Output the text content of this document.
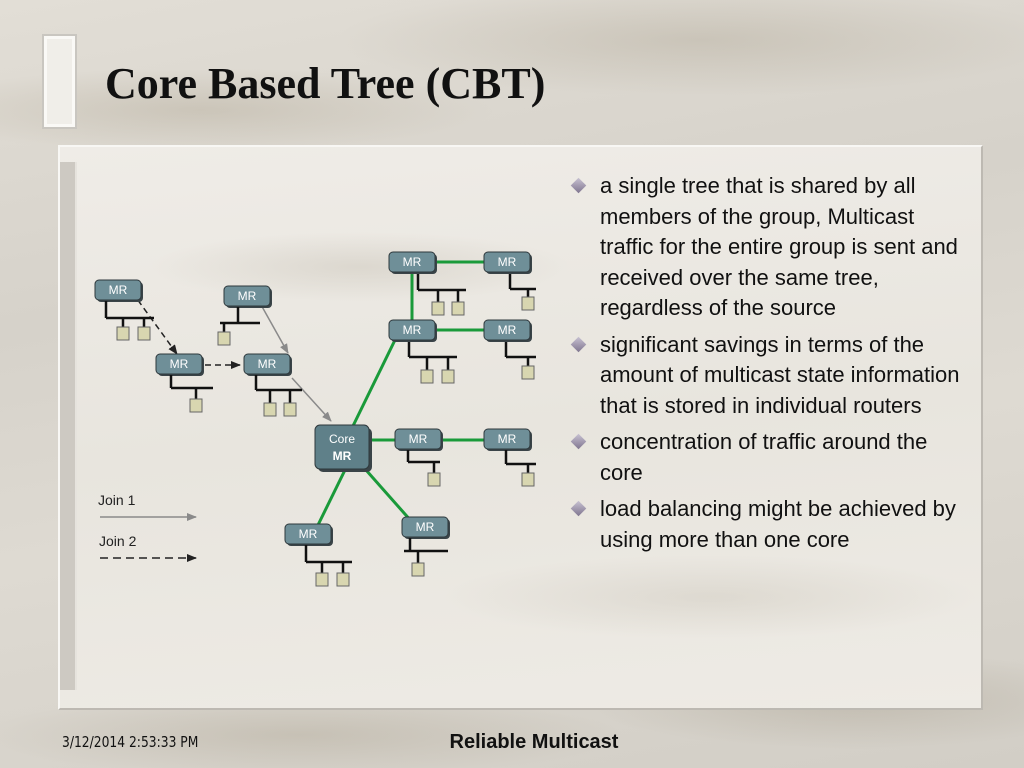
Core Based Tree (CBT)
MR	MR
MR	MR
Core
MR
MR	MR
MR	MR
MR	MR
MR	MR
Join 1
Join 2
a single tree that is shared by all members of the group, Multicast traffic for the entire group is sent and received over the same tree, regardless of the source
significant savings in terms of the amount of multicast state information that is stored in individual routers
concentration of traffic around the core
load balancing might be achieved by using more than one core
3/12/2014 2:53:33 PM	Reliable Multicast
